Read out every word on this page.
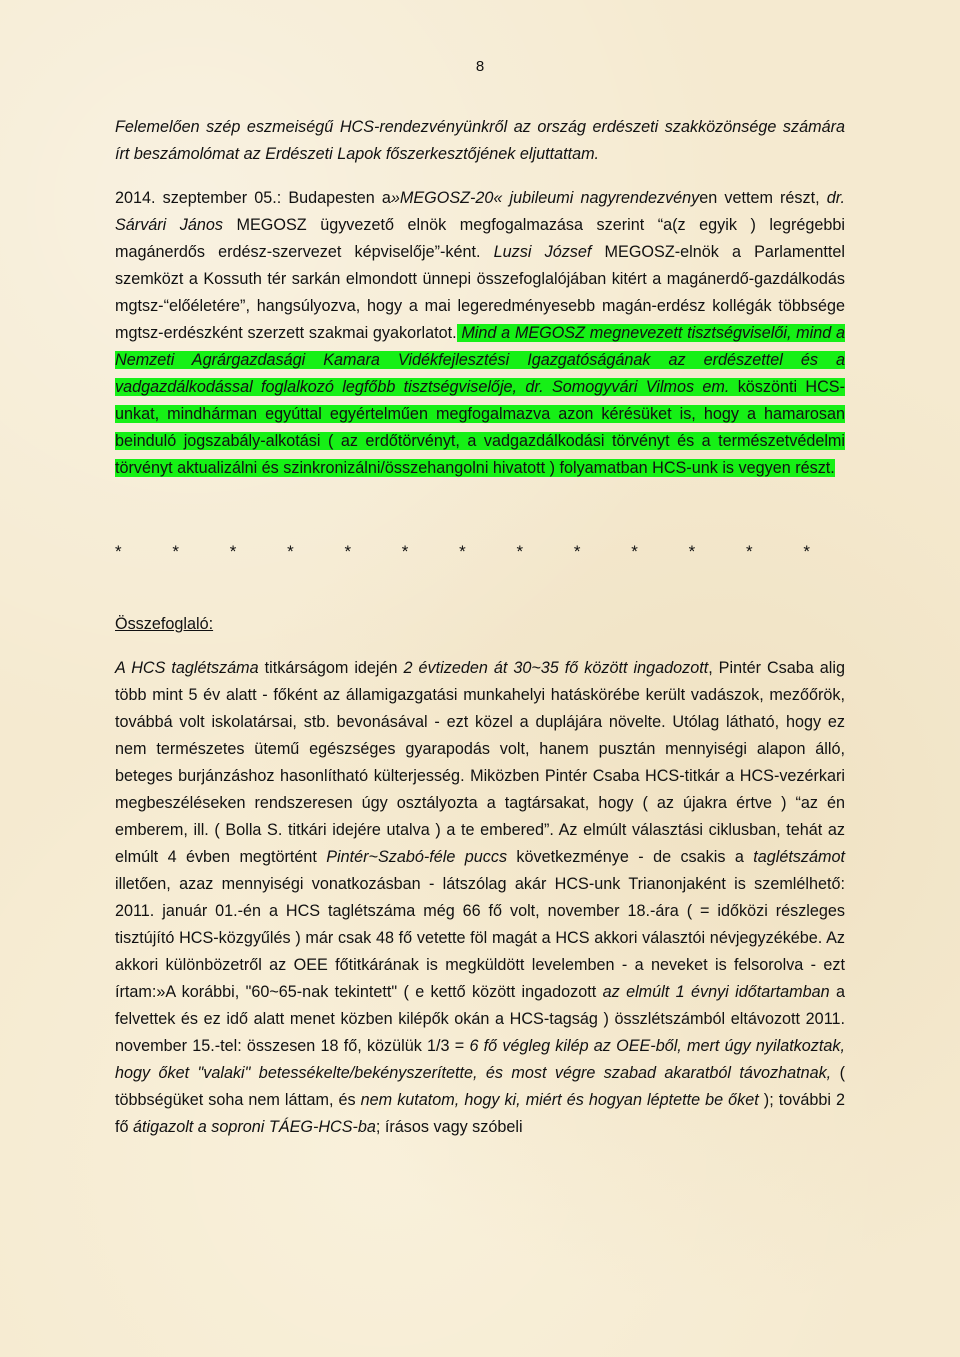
8

Felemelően szép eszmeiségű HCS-rendezvényünkről az ország erdészeti szakközönsége számára írt beszámolómat az Erdészeti Lapok főszerkesztőjének eljuttattam.

2014. szeptember 05.: Budapesten a»MEGOSZ-20« jubileumi nagyrendezvényen vettem részt, dr. Sárvári János MEGOSZ ügyvezető elnök megfogalmazása szerint “a(z egyik ) legrégebbi magánerdős erdész-szervezet képviselője”-ként. Luzsi József MEGOSZ-elnök a Parlamenttel szemközt a Kossuth tér sarkán elmondott ünnepi összefoglalójában kitért a magánerdő-gazdálkodás mgtsz-“előéletére”, hangsúlyozva, hogy a mai legeredményesebb magán-erdész kollégák többsége mgtsz-erdészként szerzett szakmai gyakorlatot. Mind a MEGOSZ megnevezett tisztségviselői, mind a Nemzeti Agrárgazdasági Kamara Vidékfejlesztési Igazgatóságának az erdészettel és a vadgazdálkodással foglalkozó legfőbb tisztségviselője, dr. Somogyvári Vilmos em. köszönti HCS-unkat, mindhárman egyúttal egyértelműen megfogalmazva azon kérésüket is, hogy a hamarosan beinduló jogszabály-alkotási ( az erdőtörvényt, a vadgazdálkodási törvényt és a természetvédelmi törvényt aktualizálni és szinkronizálni/összehangolni hivatott ) folyamatban HCS-unk is vegyen részt.

*	*	*	*	*	*	*	*	*	*	*	*	*

Összefoglaló:

A HCS taglétszáma titkárságom idején 2 évtizeden át 30~35 fő között ingadozott, Pintér Csaba alig több mint 5 év alatt - főként az államigazgatási munkahelyi hatáskörébe került vadászok, mezőőrök, továbbá volt iskolatársai, stb. bevonásával - ezt közel a duplájára növelte. Utólag látható, hogy ez nem természetes ütemű egészséges gyarapodás volt, hanem pusztán mennyiségi alapon álló, beteges burjánzáshoz hasonlítható külterjesség. Miközben Pintér Csaba HCS-titkár a HCS-vezérkari megbeszéléseken rendszeresen úgy osztályozta a tagtársakat, hogy ( az újakra értve ) “az én emberem, ill. ( Bolla S. titkári idejére utalva ) a te embered”. Az elmúlt választási ciklusban, tehát az elmúlt 4 évben megtörtént Pintér~Szabó-féle puccs következménye - de csakis a taglétszámot illetően, azaz mennyiségi vonatkozásban - látszólag akár HCS-unk Trianonjaként is szemlélhető: 2011. január 01.-én a HCS taglétszáma még 66 fő volt, november 18.-ára ( = időközi részleges tisztújító HCS-közgyűlés ) már csak 48 fő vetette föl magát a HCS akkori választói névjegyzékébe. Az akkori különbözetről az OEE főtitkárának is megküldött levelemben - a neveket is felsorolva - ezt írtam:»A korábbi, "60~65-nak tekintett" ( e kettő között ingadozott az elmúlt 1 évnyi időtartamban a felvettek és ez idő alatt menet közben kilépők okán a HCS-tagság ) összlétszámból eltávozott 2011. november 15.-tel: összesen 18 fő, közülük 1/3 = 6 fő végleg kilép az OEE-ből, mert úgy nyilatkoztak, hogy őket "valaki" betessékelte/bekényszerítette, és most végre szabad akaratból távozhatnak, ( többségüket soha nem láttam, és nem kutatom, hogy ki, miért és hogyan léptette be őket ); további 2 fő átigazolt a soproni TÁEG-HCS-ba; írásos vagy szóbeli
